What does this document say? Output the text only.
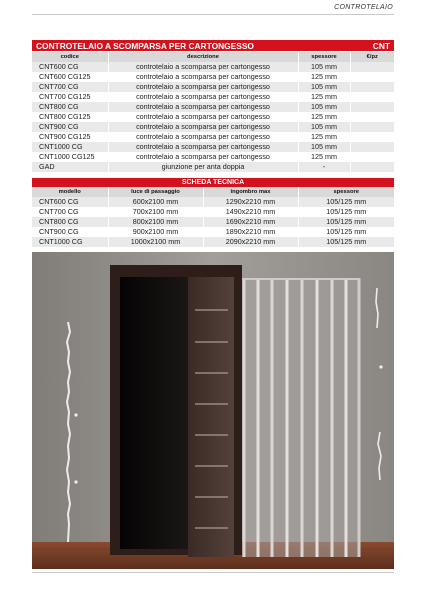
CONTROTELAIO
CONTROTELAIO A SCOMPARSA PER CARTONGESSO	CNT
codice	descrizione	spessore	€/pz
CNT600 CG	controtelaio a scomparsa per cartongesso	105 mm	
CNT600 CG125	controtelaio a scomparsa per cartongesso	125 mm	
CNT700 CG	controtelaio a scomparsa per cartongesso	105 mm	
CNT700 CG125	controtelaio a scomparsa per cartongesso	125 mm	
CNT800 CG	controtelaio a scomparsa per cartongesso	105 mm	
CNT800 CG125	controtelaio a scomparsa per cartongesso	125 mm	
CNT900 CG	controtelaio a scomparsa per cartongesso	105 mm	
CNT900 CG125	controtelaio a scomparsa per cartongesso	125 mm	
CNT1000 CG	controtelaio a scomparsa per cartongesso	105 mm	
CNT1000 CG125	controtelaio a scomparsa per cartongesso	125 mm	
GAD	giunzione per anta doppia	-	
SCHEDA TECNICA
modello	luce di passaggio	ingombro max	spessore
CNT600 CG	600x2100 mm	1290x2210 mm	105/125 mm
CNT700 CG	700x2100 mm	1490x2210 mm	105/125 mm
CNT800 CG	800x2100 mm	1690x2210 mm	105/125 mm
CNT900 CG	900x2100 mm	1890x2210 mm	105/125 mm
CNT1000 CG	1000x2100 mm	2090x2210 mm	105/125 mm
